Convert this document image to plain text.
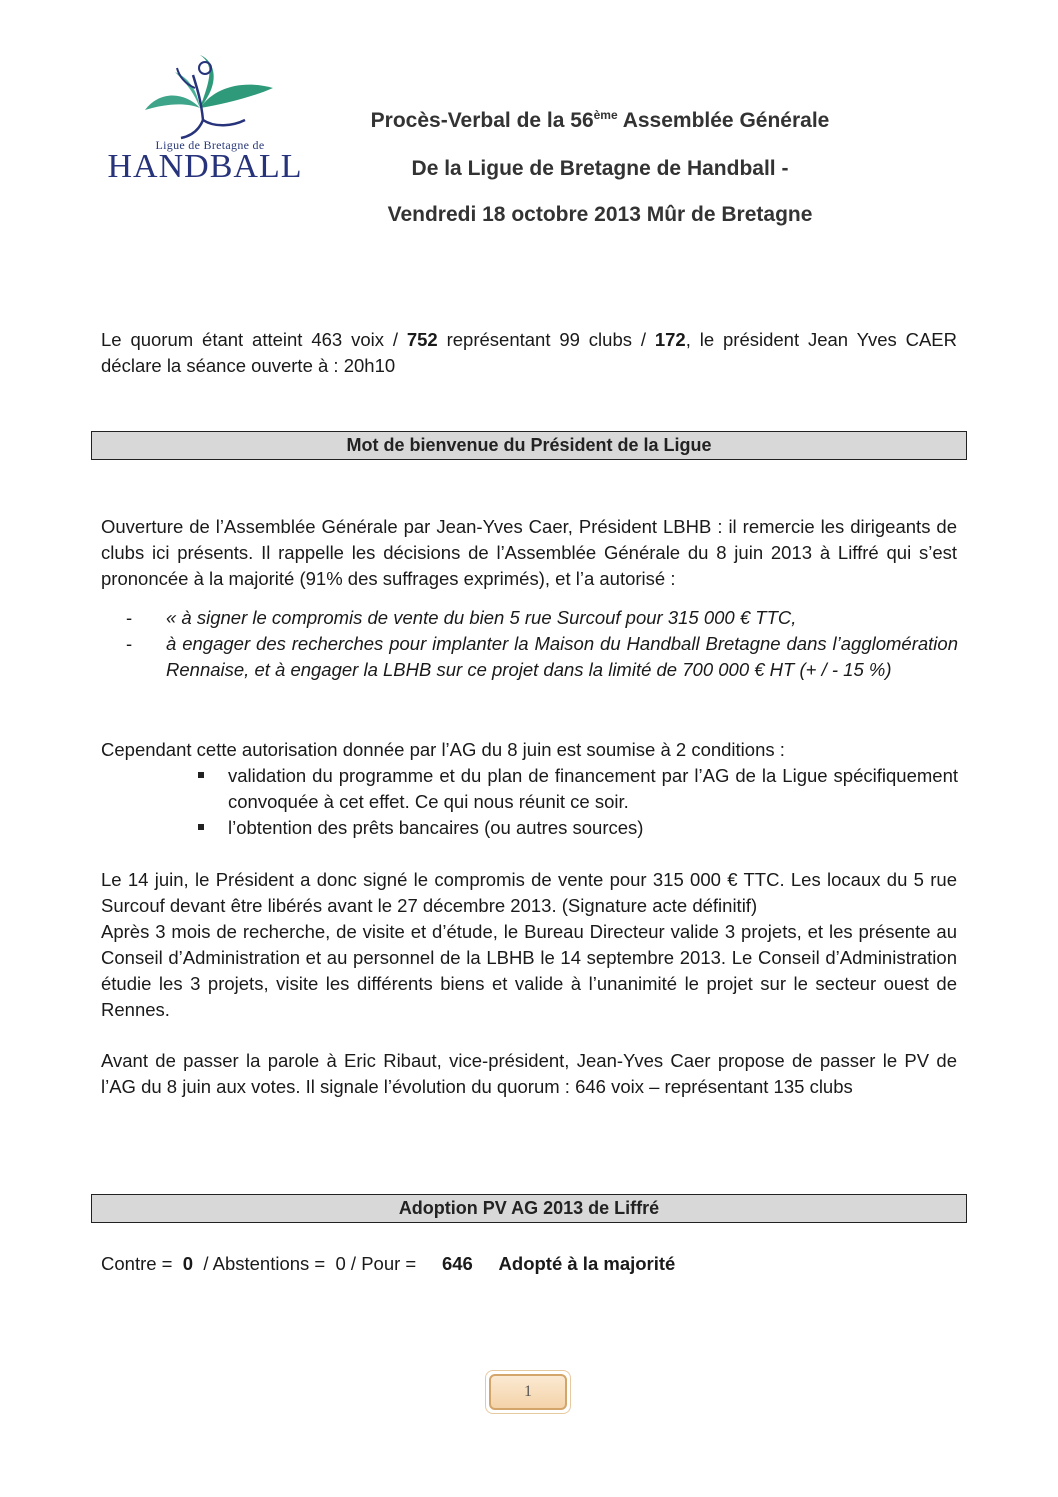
Ligue de Bretagne de
HANDBALL
Procès-Verbal de la 56ème Assemblée Générale
De la Ligue de Bretagne de Handball -
Vendredi 18 octobre 2013 Mûr de Bretagne
Le quorum étant atteint 463 voix / 752 représentant 99 clubs / 172, le président Jean Yves CAER déclare la séance ouverte à : 20h10
Mot de bienvenue du Président de la Ligue
Ouverture de l’Assemblée Générale par Jean-Yves Caer, Président LBHB : il remercie les dirigeants de clubs ici présents. Il rappelle les décisions de l’Assemblée Générale du 8 juin 2013 à Liffré qui s’est prononcée à la majorité (91% des suffrages exprimés), et l’a autorisé :
- « à signer le compromis de vente du bien 5 rue Surcouf pour 315 000 € TTC,
- à engager des recherches pour implanter la Maison du Handball Bretagne dans l’agglomération Rennaise, et à engager la LBHB sur ce projet dans la limité de 700 000 € HT (+ / - 15 %)
Cependant cette autorisation donnée par l’AG du 8 juin est soumise à 2 conditions :
validation du programme et du plan de financement par l’AG de la Ligue spécifiquement convoquée à cet effet. Ce qui nous réunit ce soir.
l’obtention des prêts bancaires (ou autres sources)
Le 14 juin, le Président a donc signé le compromis de vente pour 315 000 € TTC. Les locaux du 5 rue Surcouf devant être libérés avant le 27 décembre 2013. (Signature acte définitif)
Après 3 mois de recherche, de visite et d’étude, le Bureau Directeur valide 3 projets, et les présente au Conseil d’Administration et au personnel de la LBHB le 14 septembre 2013. Le Conseil d’Administration étudie les 3 projets, visite les différents biens et valide à l’unanimité le projet sur le secteur ouest de Rennes.
Avant de passer la parole à Eric Ribaut, vice-président, Jean-Yves Caer propose de passer le PV de l’AG du 8 juin aux votes. Il signale l’évolution du quorum : 646 voix – représentant 135 clubs
Adoption PV AG 2013 de Liffré
Contre =  0  / Abstentions =  0 / Pour =     646 Adopté à la majorité
1
